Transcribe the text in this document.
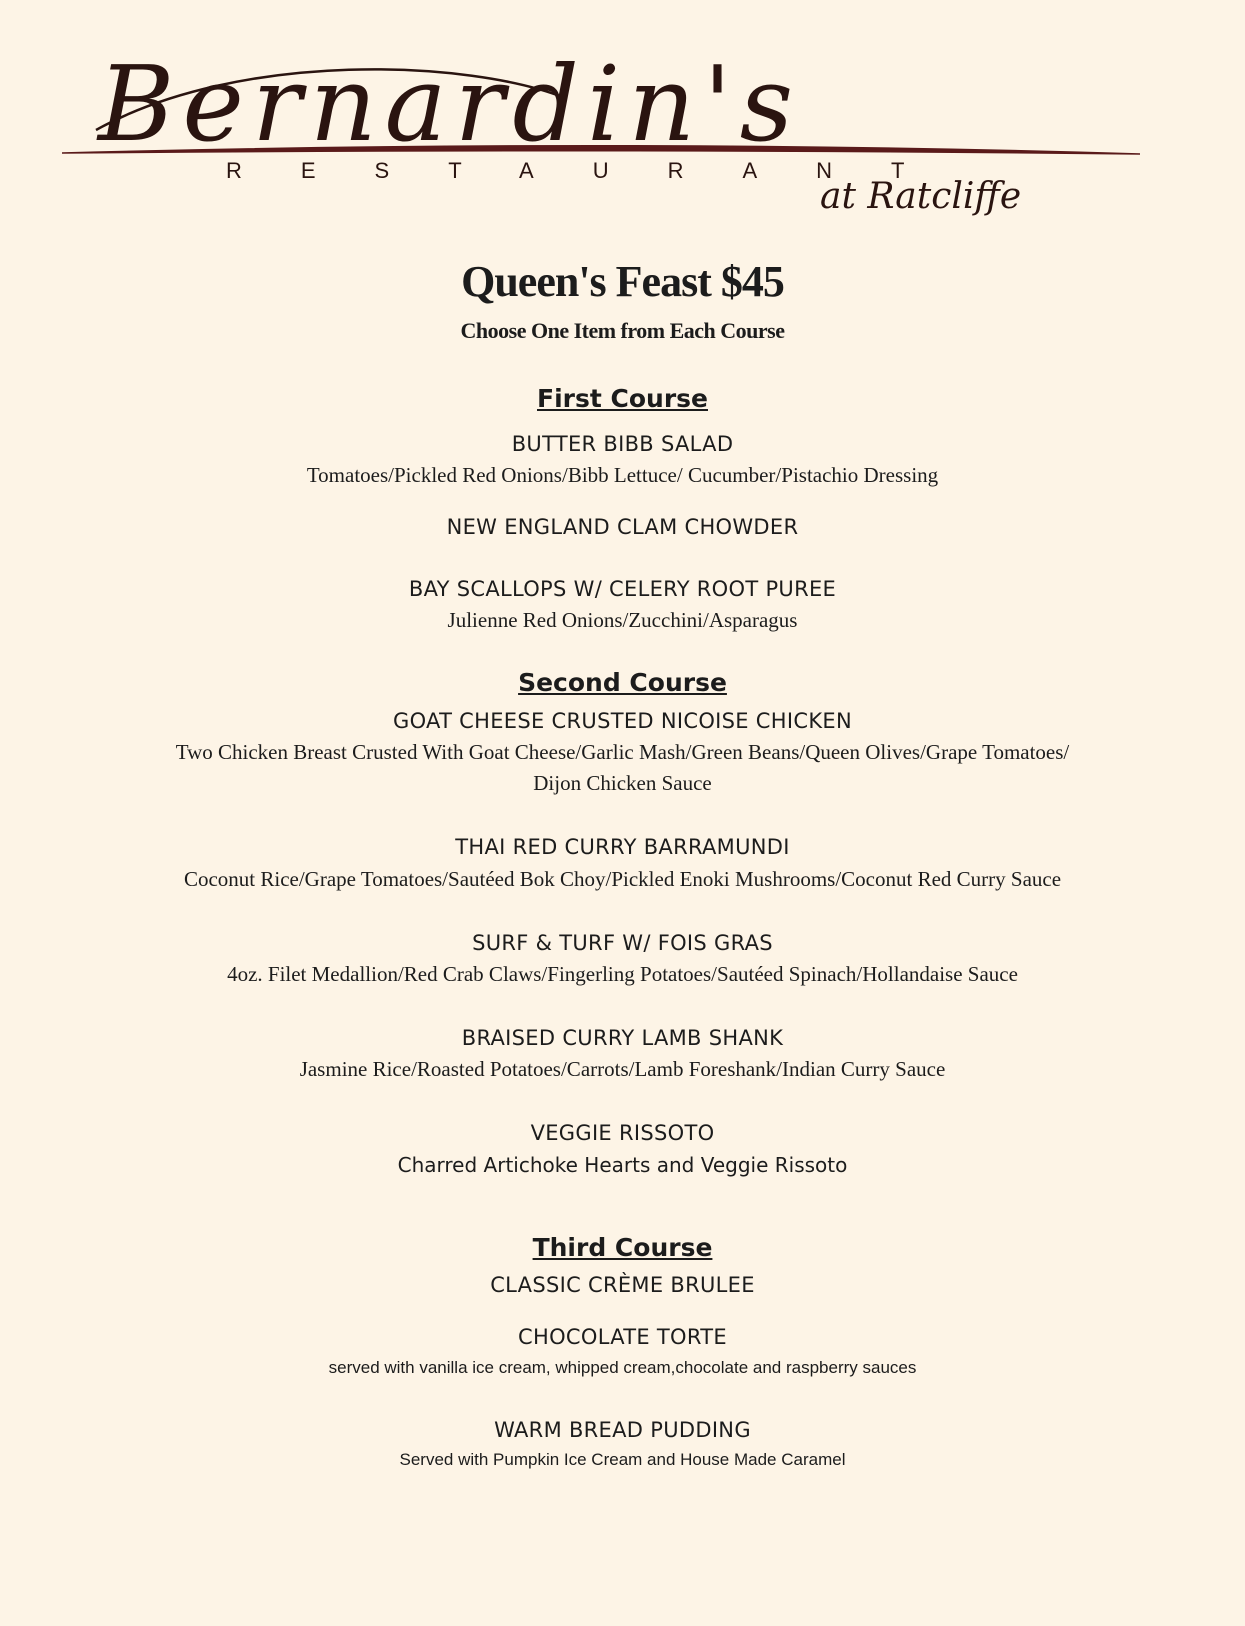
Bernardin's
RESTAURANT
at Ratcliffe
Queen's Feast $45
Choose One Item from Each Course
First Course
BUTTER BIBB SALAD
Tomatoes/Pickled Red Onions/Bibb Lettuce/ Cucumber/Pistachio Dressing
NEW ENGLAND CLAM CHOWDER
BAY SCALLOPS W/ CELERY ROOT PUREE
Julienne Red Onions/Zucchini/Asparagus
Second Course
GOAT CHEESE CRUSTED NICOISE CHICKEN
Two Chicken Breast Crusted With Goat Cheese/Garlic Mash/Green Beans/Queen Olives/Grape Tomatoes/
Dijon Chicken Sauce
THAI RED CURRY BARRAMUNDI
Coconut Rice/Grape Tomatoes/Sautéed Bok Choy/Pickled Enoki Mushrooms/Coconut Red Curry Sauce
SURF & TURF W/ FOIS GRAS
4oz. Filet Medallion/Red Crab Claws/Fingerling Potatoes/Sautéed Spinach/Hollandaise Sauce
BRAISED CURRY LAMB SHANK
Jasmine Rice/Roasted Potatoes/Carrots/Lamb Foreshank/Indian Curry Sauce
VEGGIE RISSOTO
Charred Artichoke Hearts and Veggie Rissoto
Third Course
CLASSIC CRÈME BRULEE
CHOCOLATE TORTE
served with vanilla ice cream, whipped cream,chocolate and raspberry sauces
WARM BREAD PUDDING
Served with Pumpkin Ice Cream and House Made Caramel
